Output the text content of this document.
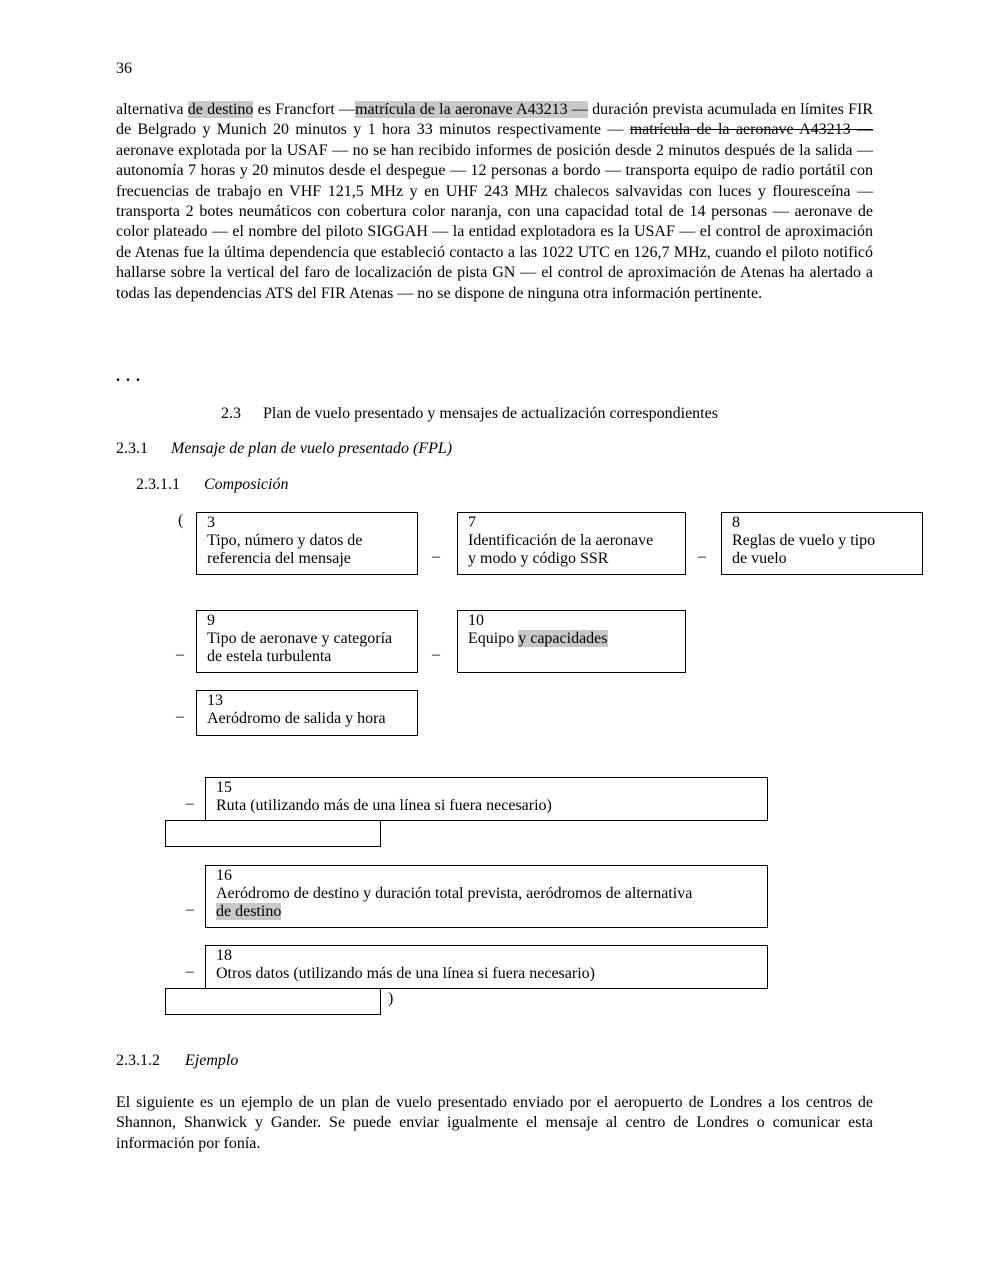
36

alternativa de destino es Francfort —matrícula de la aeronave A43213 — duración prevista acumulada en límites FIR de Belgrado y Munich 20 minutos y 1 hora 33 minutos respectivamente — matrícula de la aeronave A43213 — aeronave explotada por la USAF — no se han recibido informes de posición desde 2 minutos después de la salida — autonomía 7 horas y 20 minutos desde el despegue — 12 personas a bordo — transporta equipo de radio portátil con frecuencias de trabajo en VHF 121,5 MHz y en UHF 243 MHz chalecos salvavidas con luces y flouresceína — transporta 2 botes neumáticos con cobertura color naranja, con una capacidad total de 14 personas — aeronave de color plateado — el nombre del piloto SIGGAH — la entidad explotadora es la USAF — el control de aproximación de Atenas fue la última dependencia que estableció contacto a las 1022 UTC en 126,7 MHz, cuando el piloto notificó hallarse sobre la vertical del faro de localización de pista GN — el control de aproximación de Atenas ha alertado a todas las dependencias ATS del FIR Atenas — no se dispone de ninguna otra información pertinente.

. . .
2.3 Plan de vuelo presentado y mensajes de actualización correspondientes
2.3.1 Mensaje de plan de vuelo presentado (FPL)
2.3.1.1 Composición
( 3
Tipo, número y datos de
referencia del mensaje	–
7
Identificación de la aeronave
y modo y código SSR	–
8
Reglas de vuelo y tipo
de vuelo
–
9
Tipo de aeronave y categoría
de estela turbulenta	–
10
Equipo y capacidades
–
13
Aeródromo de salida y hora
–
15
Ruta (utilizando más de una línea si fuera necesario)
–
16
Aeródromo de destino y duración total prevista, aeródromos de alternativa
de destino
–
18
Otros datos (utilizando más de una línea si fuera necesario)
)
2.3.1.2 Ejemplo

El siguiente es un ejemplo de un plan de vuelo presentado enviado por el aeropuerto de Londres a los centros de Shannon, Shanwick y Gander. Se puede enviar igualmente el mensaje al centro de Londres o comunicar esta información por fonía.
